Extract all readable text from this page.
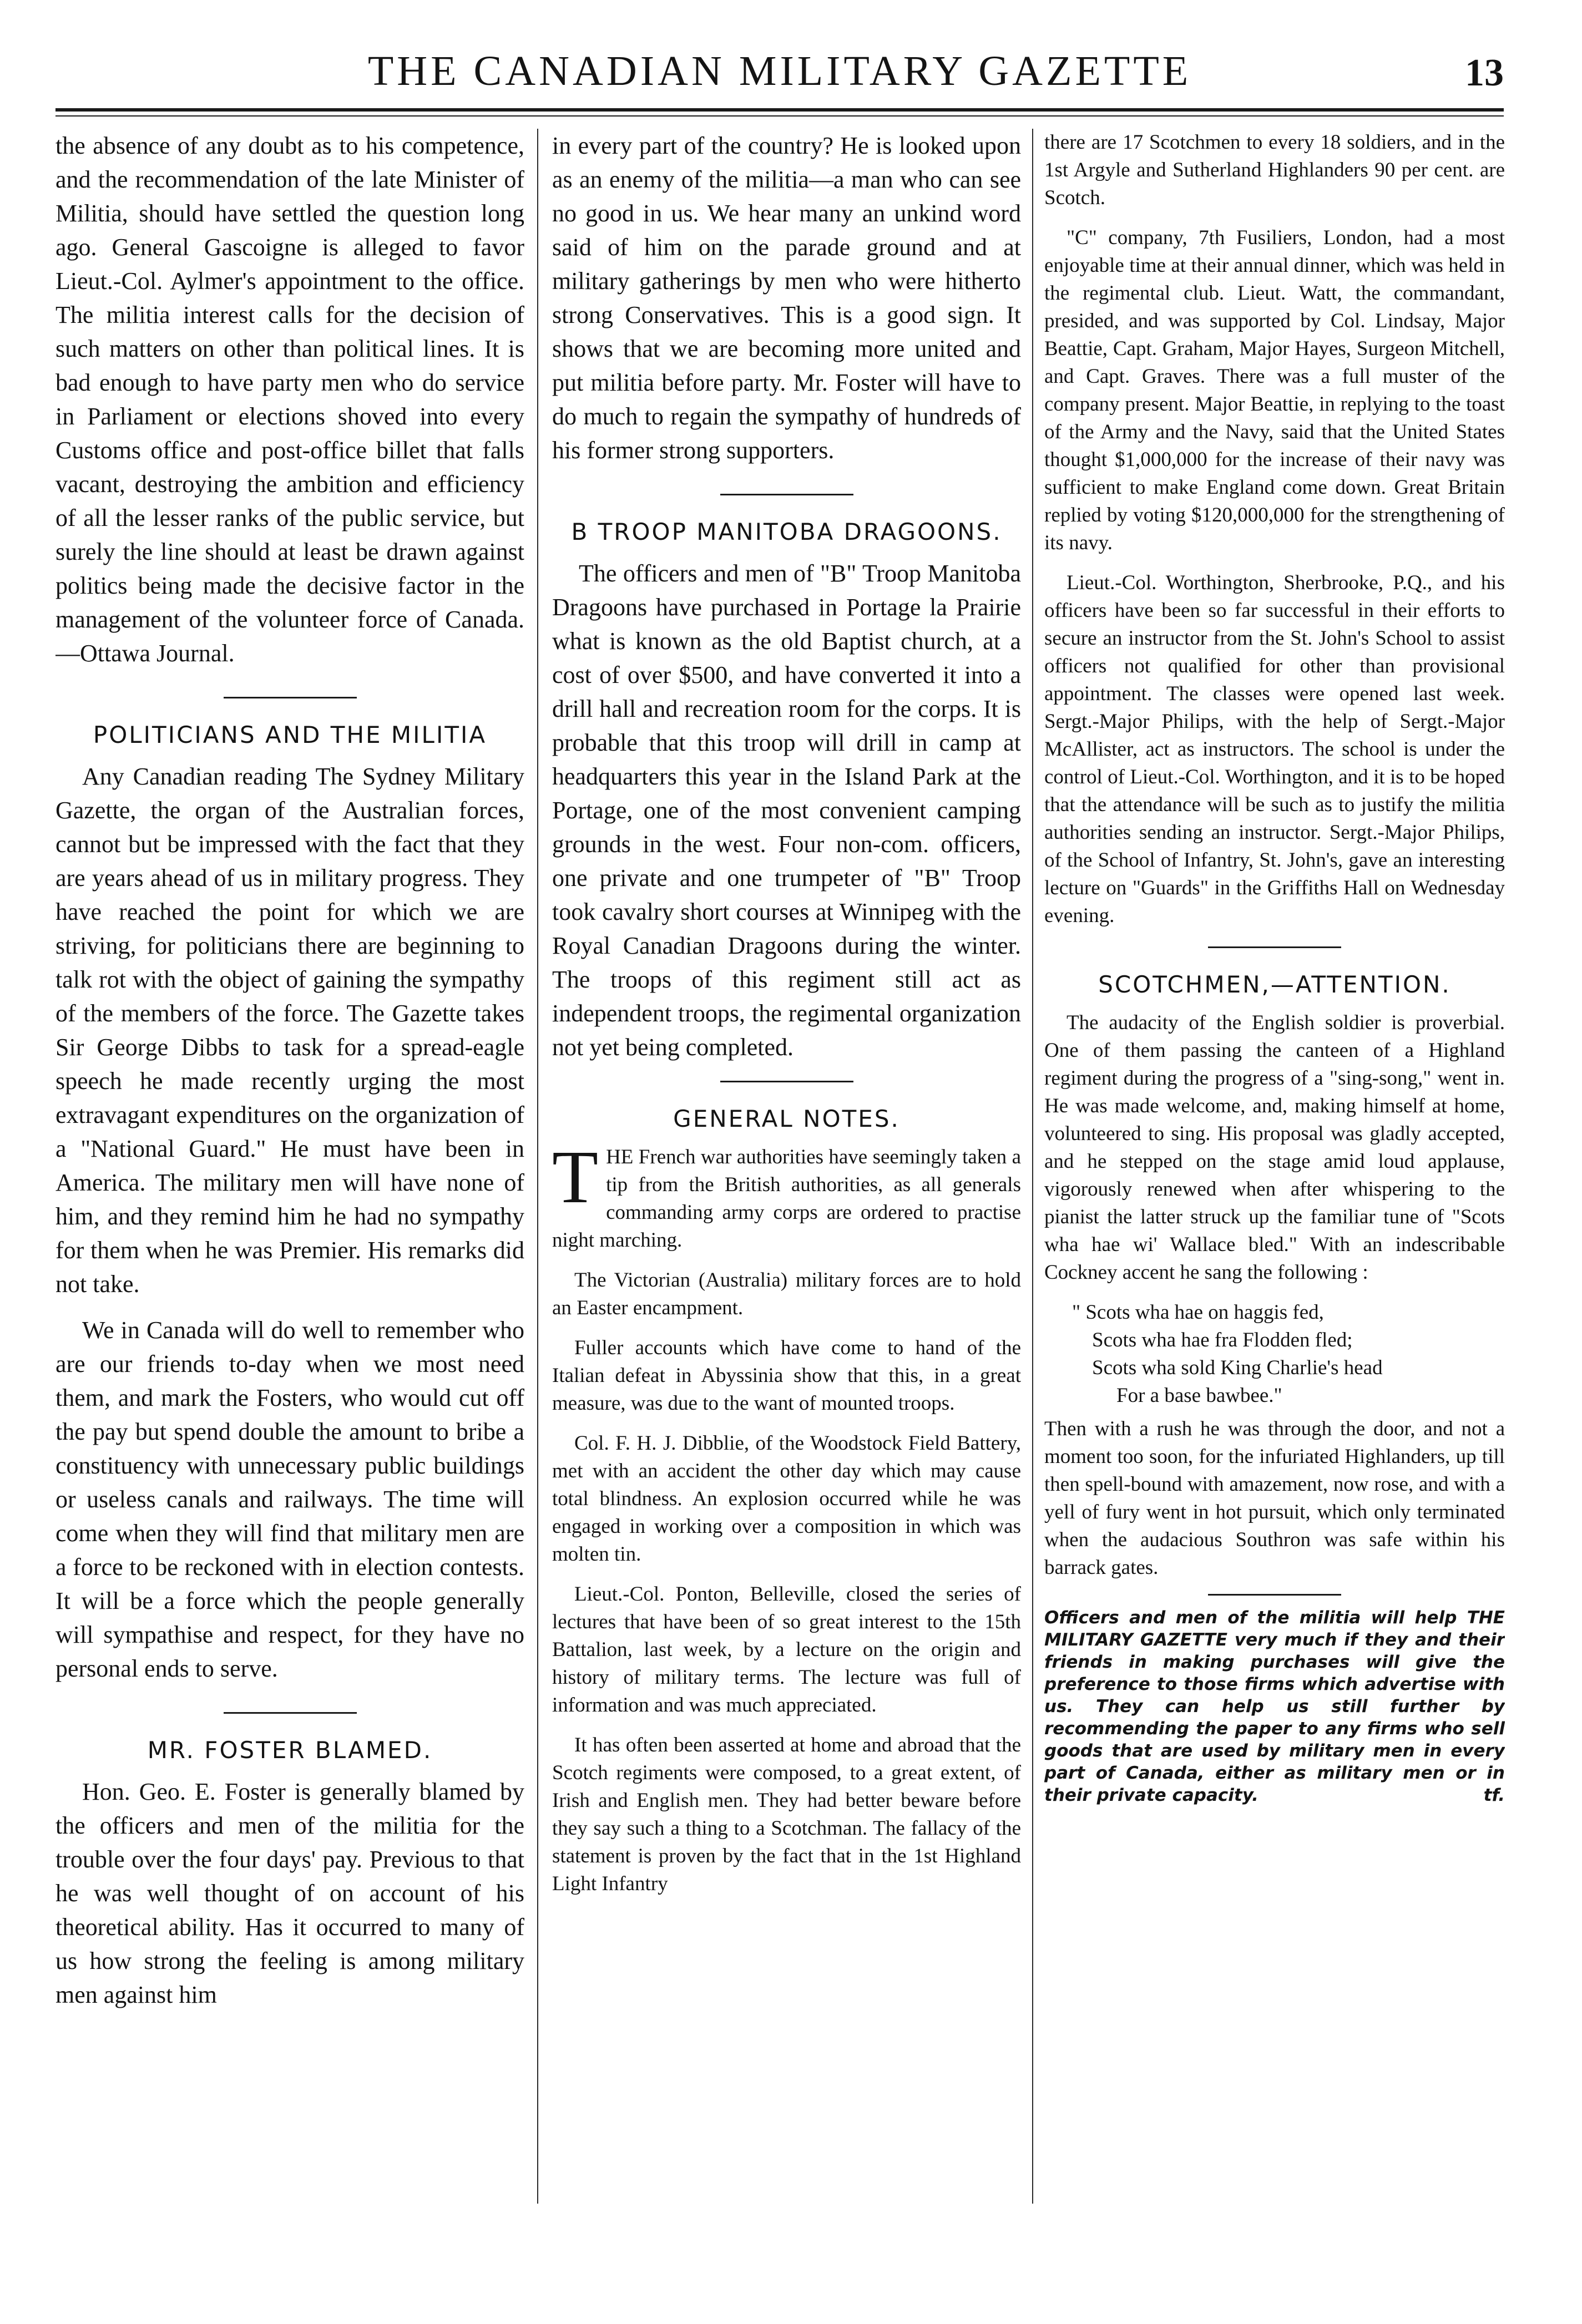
THE CANADIAN MILITARY GAZETTE	13

the absence of any doubt as to his competence, and the recommendation of the late Minister of Militia, should have settled the question long ago. General Gascoigne is alleged to favor Lieut.-Col. Aylmer's appointment to the office. The militia interest calls for the decision of such matters on other than political lines. It is bad enough to have party men who do service in Parliament or elections shoved into every Customs office and post-office billet that falls vacant, destroying the ambition and efficiency of all the lesser ranks of the public service, but surely the line should at least be drawn against politics being made the decisive factor in the management of the volunteer force of Canada.—Ottawa Journal.

POLITICIANS AND THE MILITIA

Any Canadian reading The Sydney Military Gazette, the organ of the Australian forces, cannot but be impressed with the fact that they are years ahead of us in military progress. They have reached the point for which we are striving, for politicians there are beginning to talk rot with the object of gaining the sympathy of the members of the force. The Gazette takes Sir George Dibbs to task for a spread-eagle speech he made recently urging the most extravagant expenditures on the organization of a "National Guard." He must have been in America. The military men will have none of him, and they remind him he had no sympathy for them when he was Premier. His remarks did not take.

We in Canada will do well to remember who are our friends to-day when we most need them, and mark the Fosters, who would cut off the pay but spend double the amount to bribe a constituency with unnecessary public buildings or useless canals and railways. The time will come when they will find that military men are a force to be reckoned with in election contests. It will be a force which the people generally will sympathise and respect, for they have no personal ends to serve.

MR. FOSTER BLAMED.

Hon. Geo. E. Foster is generally blamed by the officers and men of the militia for the trouble over the four days' pay. Previous to that he was well thought of on account of his theoretical ability. Has it occurred to many of us how strong the feeling is among military men against him

in every part of the country? He is looked upon as an enemy of the militia—a man who can see no good in us. We hear many an unkind word said of him on the parade ground and at military gatherings by men who were hitherto strong Conservatives. This is a good sign. It shows that we are becoming more united and put militia before party. Mr. Foster will have to do much to regain the sympathy of hundreds of his former strong supporters.

B TROOP MANITOBA DRAGOONS.

The officers and men of "B" Troop Manitoba Dragoons have purchased in Portage la Prairie what is known as the old Baptist church, at a cost of over $500, and have converted it into a drill hall and recreation room for the corps. It is probable that this troop will drill in camp at headquarters this year in the Island Park at the Portage, one of the most convenient camping grounds in the west. Four non-com. officers, one private and one trumpeter of "B" Troop took cavalry short courses at Winnipeg with the Royal Canadian Dragoons during the winter. The troops of this regiment still act as independent troops, the regimental organization not yet being completed.

GENERAL NOTES.

THE French war authorities have seemingly taken a tip from the British authorities, as all generals commanding army corps are ordered to practise night marching.

The Victorian (Australia) military forces are to hold an Easter encampment.

Fuller accounts which have come to hand of the Italian defeat in Abyssinia show that this, in a great measure, was due to the want of mounted troops.

Col. F. H. J. Dibblie, of the Woodstock Field Battery, met with an accident the other day which may cause total blindness. An explosion occurred while he was engaged in working over a composition in which was molten tin.

Lieut.-Col. Ponton, Belleville, closed the series of lectures that have been of so great interest to the 15th Battalion, last week, by a lecture on the origin and history of military terms. The lecture was full of information and was much appreciated.

It has often been asserted at home and abroad that the Scotch regiments were composed, to a great extent, of Irish and English men. They had better beware before they say such a thing to a Scotchman. The fallacy of the statement is proven by the fact that in the 1st Highland Light Infantry

there are 17 Scotchmen to every 18 soldiers, and in the 1st Argyle and Sutherland Highlanders 90 per cent. are Scotch.

"C" company, 7th Fusiliers, London, had a most enjoyable time at their annual dinner, which was held in the regimental club. Lieut. Watt, the commandant, presided, and was supported by Col. Lindsay, Major Beattie, Capt. Graham, Major Hayes, Surgeon Mitchell, and Capt. Graves. There was a full muster of the company present. Major Beattie, in replying to the toast of the Army and the Navy, said that the United States thought $1,000,000 for the increase of their navy was sufficient to make England come down. Great Britain replied by voting $120,000,000 for the strengthening of its navy.

Lieut.-Col. Worthington, Sherbrooke, P.Q., and his officers have been so far successful in their efforts to secure an instructor from the St. John's School to assist officers not qualified for other than provisional appointment. The classes were opened last week. Sergt.-Major Philips, with the help of Sergt.-Major McAllister, act as instructors. The school is under the control of Lieut.-Col. Worthington, and it is to be hoped that the attendance will be such as to justify the militia authorities sending an instructor. Sergt.-Major Philips, of the School of Infantry, St. John's, gave an interesting lecture on "Guards" in the Griffiths Hall on Wednesday evening.

SCOTCHMEN,—ATTENTION.

The audacity of the English soldier is proverbial. One of them passing the canteen of a Highland regiment during the progress of a "sing-song," went in. He was made welcome, and, making himself at home, volunteered to sing. His proposal was gladly accepted, and he stepped on the stage amid loud applause, vigorously renewed when after whispering to the pianist the latter struck up the familiar tune of "Scots wha hae wi' Wallace bled." With an indescribable Cockney accent he sang the following :

" Scots wha hae on haggis fed,
Scots wha hae fra Flodden fled;
Scots wha sold King Charlie's head
For a base bawbee."

Then with a rush he was through the door, and not a moment too soon, for the infuriated Highlanders, up till then spell-bound with amazement, now rose, and with a yell of fury went in hot pursuit, which only terminated when the audacious Southron was safe within his barrack gates.

Officers and men of the militia will help THE MILITARY GAZETTE very much if they and their friends in making purchases will give the preference to those firms which advertise with us. They can help us still further by recommending the paper to any firms who sell goods that are used by military men in every part of Canada, either as military men or in their private capacity.	tf.
